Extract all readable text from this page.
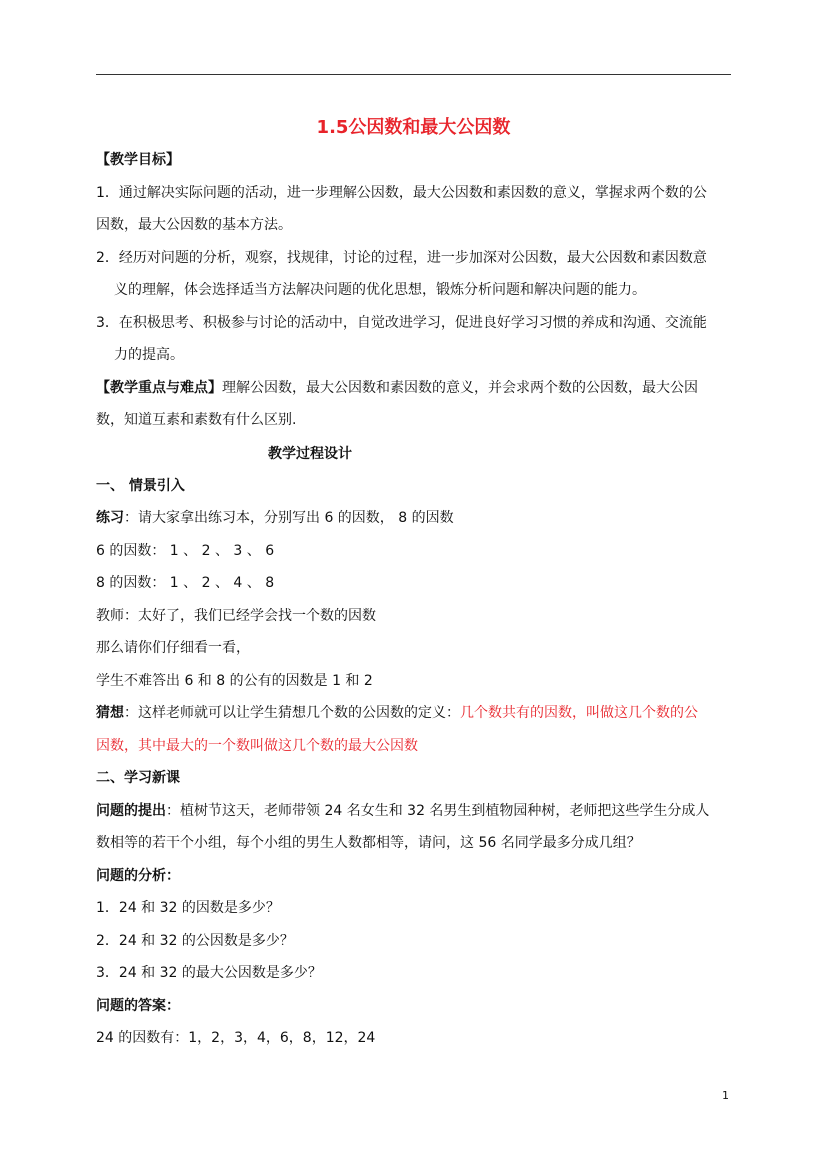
1.5公因数和最大公因数
【教学目标】
1．通过解决实际问题的活动，进一步理解公因数，最大公因数和素因数的意义，掌握求两个数的公
因数，最大公因数的基本方法。
2．经历对问题的分析，观察，找规律，讨论的过程，进一步加深对公因数，最大公因数和素因数意
义的理解，体会选择适当方法解决问题的优化思想，锻炼分析问题和解决问题的能力。
3．在积极思考、积极参与讨论的活动中，自觉改进学习，促进良好学习习惯的养成和沟通、交流能
力的提高。
【教学重点与难点】理解公因数，最大公因数和素因数的意义，并会求两个数的公因数，最大公因
数，知道互素和素数有什么区别.
教学过程设计
一、 情景引入
练习：请大家拿出练习本，分别写出 6 的因数， 8 的因数
6 的因数： 1 、 2 、 3 、 6
8 的因数： 1 、 2 、 4 、 8
教师：太好了，我们已经学会找一个数的因数
那么请你们仔细看一看，
学生不难答出 6 和 8 的公有的因数是 1 和 2
猜想：这样老师就可以让学生猜想几个数的公因数的定义：几个数共有的因数，叫做这几个数的公
因数，其中最大的一个数叫做这几个数的最大公因数
二、学习新课
问题的提出：植树节这天，老师带领 24 名女生和 32 名男生到植物园种树，老师把这些学生分成人
数相等的若干个小组，每个小组的男生人数都相等，请问，这 56 名同学最多分成几组？
问题的分析：
1．24 和 32 的因数是多少？
2．24 和 32 的公因数是多少？
3．24 和 32 的最大公因数是多少？
问题的答案：
24 的因数有：1，2，3，4，6，8，12，24
1
